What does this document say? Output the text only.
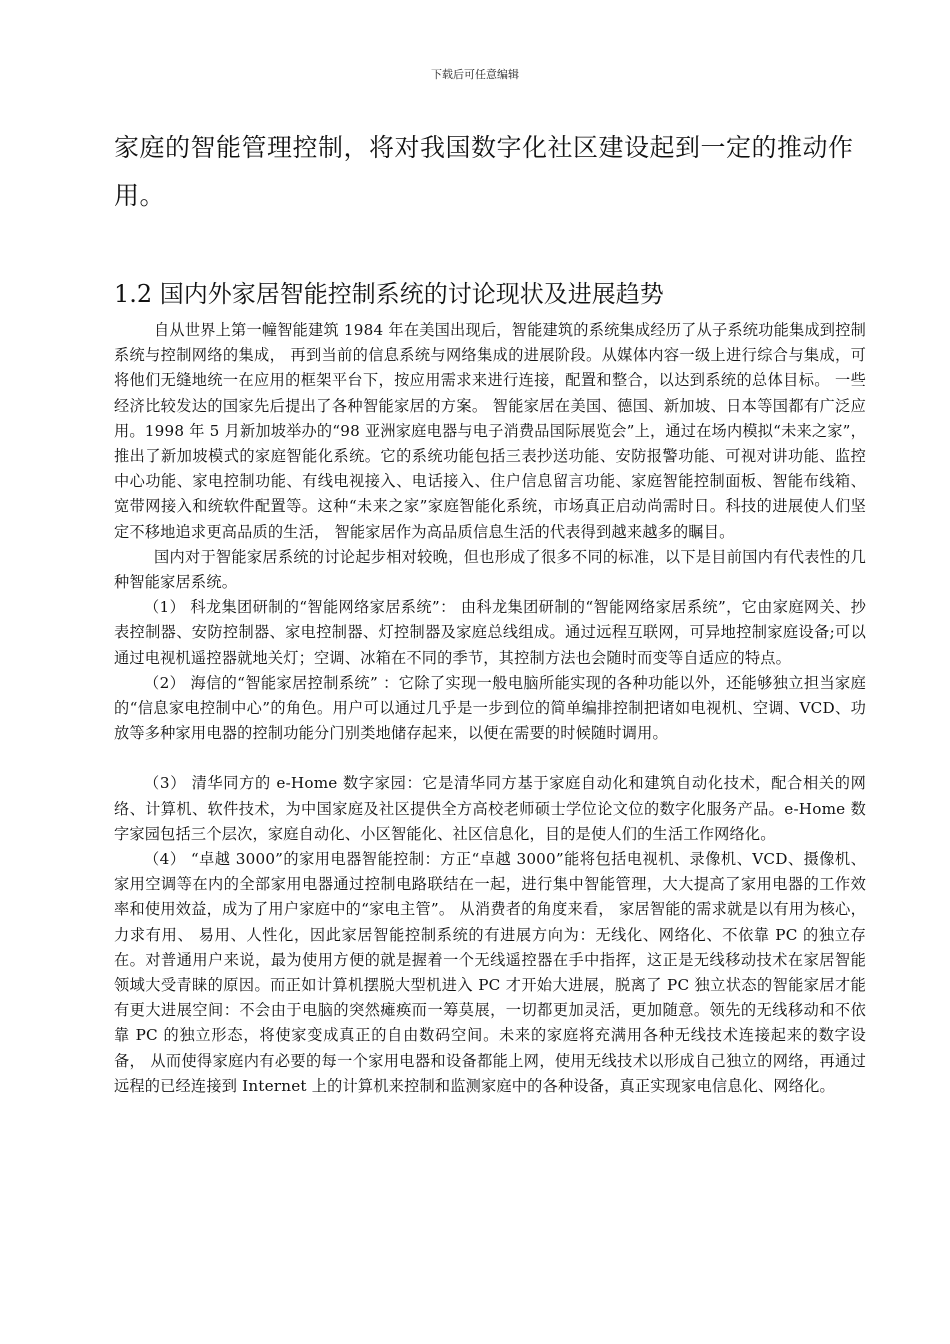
下载后可任意编辑

家庭的智能管理控制，将对我国数字化社区建设起到一定的推动作用。

1.2 国内外家居智能控制系统的讨论现状及进展趋势

自从世界上第一幢智能建筑 1984 年在美国出现后，智能建筑的系统集成经历了从子系统功能集成到控制系统与控制网络的集成， 再到当前的信息系统与网络集成的进展阶段。从媒体内容一级上进行综合与集成，可将他们无缝地统一在应用的框架平台下，按应用需求来进行连接，配置和整合，以达到系统的总体目标。 一些经济比较发达的国家先后提出了各种智能家居的方案。 智能家居在美国、德国、新加坡、日本等国都有广泛应用。1998 年 5 月新加坡举办的“98 亚洲家庭电器与电子消费品国际展览会”上，通过在场内模拟“未来之家”，推出了新加坡模式的家庭智能化系统。它的系统功能包括三表抄送功能、安防报警功能、可视对讲功能、监控中心功能、家电控制功能、有线电视接入、电话接入、住户信息留言功能、家庭智能控制面板、智能布线箱、宽带网接入和统软件配置等。这种“未来之家”家庭智能化系统，市场真正启动尚需时日。科技的进展使人们坚定不移地追求更高品质的生活， 智能家居作为高品质信息生活的代表得到越来越多的瞩目。

国内对于智能家居系统的讨论起步相对较晚，但也形成了很多不同的标准，以下是目前国内有代表性的几种智能家居系统。

（1） 科龙集团研制的“智能网络家居系统”： 由科龙集团研制的“智能网络家居系统”，它由家庭网关、抄表控制器、安防控制器、家电控制器、灯控制器及家庭总线组成。通过远程互联网，可异地控制家庭设备;可以通过电视机遥控器就地关灯；空调、冰箱在不同的季节，其控制方法也会随时而变等自适应的特点。

（2） 海信的“智能家居控制系统” ：它除了实现一般电脑所能实现的各种功能以外，还能够独立担当家庭的“信息家电控制中心”的角色。用户可以通过几乎是一步到位的简单编排控制把诸如电视机、空调、VCD、功放等多种家用电器的控制功能分门别类地储存起来，以便在需要的时候随时调用。

（3） 清华同方的 e-Home 数字家园：它是清华同方基于家庭自动化和建筑自动化技术，配合相关的网络、计算机、软件技术，为中国家庭及社区提供全方高校老师硕士学位论文位的数字化服务产品。e-Home 数字家园包括三个层次，家庭自动化、小区智能化、社区信息化，目的是使人们的生活工作网络化。

（4） “卓越 3000”的家用电器智能控制：方正“卓越 3000”能将包括电视机、录像机、VCD、摄像机、家用空调等在内的全部家用电器通过控制电路联结在一起，进行集中智能管理，大大提高了家用电器的工作效率和使用效益，成为了用户家庭中的“家电主管”。 从消费者的角度来看， 家居智能的需求就是以有用为核心， 力求有用、 易用、人性化，因此家居智能控制系统的有进展方向为：无线化、网络化、不依靠 PC 的独立存在。对普通用户来说，最为使用方便的就是握着一个无线遥控器在手中指挥，这正是无线移动技术在家居智能领域大受青睐的原因。而正如计算机摆脱大型机进入 PC 才开始大进展，脱离了 PC 独立状态的智能家居才能有更大进展空间：不会由于电脑的突然瘫痪而一筹莫展，一切都更加灵活，更加随意。领先的无线移动和不依靠 PC 的独立形态，将使家变成真正的自由数码空间。未来的家庭将充满用各种无线技术连接起来的数字设备， 从而使得家庭内有必要的每一个家用电器和设备都能上网，使用无线技术以形成自己独立的网络，再通过远程的已经连接到 Internet 上的计算机来控制和监测家庭中的各种设备，真正实现家电信息化、网络化。
